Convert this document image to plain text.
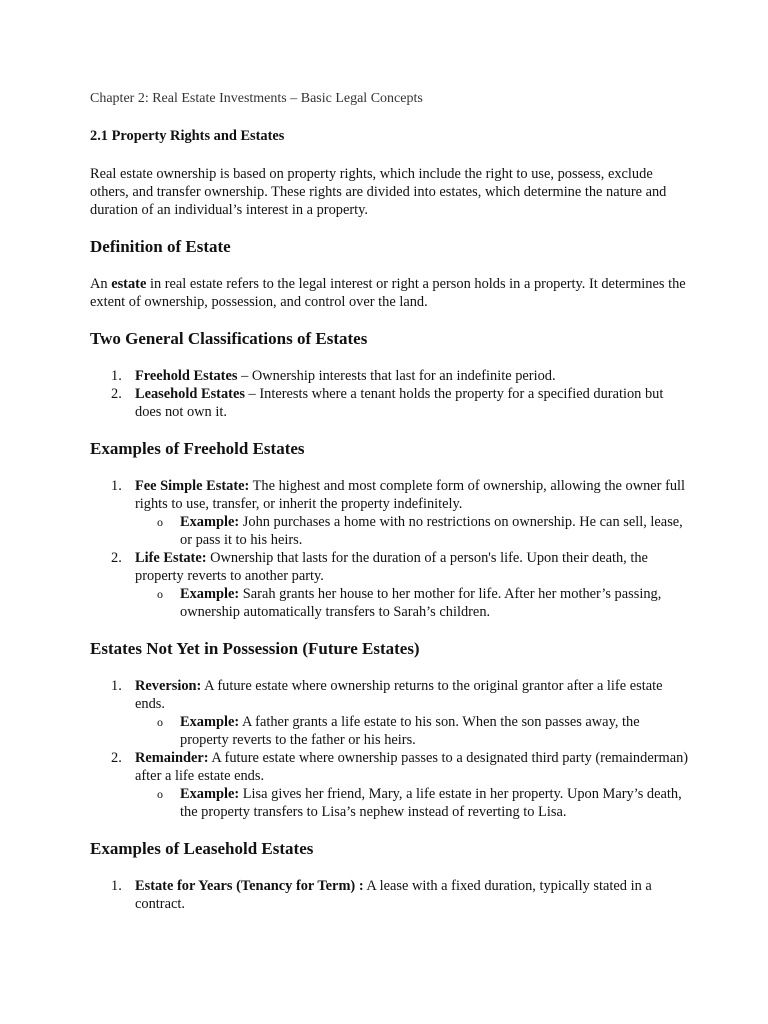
Chapter 2: Real Estate Investments – Basic Legal Concepts
2.1 Property Rights and Estates

Real estate ownership is based on property rights, which include the right to use, possess, exclude others, and transfer ownership. These rights are divided into estates, which determine the nature and duration of an individual’s interest in a property.

Definition of Estate

An estate in real estate refers to the legal interest or right a person holds in a property. It determines the extent of ownership, possession, and control over the land.

Two General Classifications of Estates
1. Freehold Estates – Ownership interests that last for an indefinite period.
2. Leasehold Estates – Interests where a tenant holds the property for a specified duration but does not own it.
Examples of Freehold Estates
1. Fee Simple Estate: The highest and most complete form of ownership, allowing the owner full rights to use, transfer, or inherit the property indefinitely.
o Example: John purchases a home with no restrictions on ownership. He can sell, lease, or pass it to his heirs.
2. Life Estate: Ownership that lasts for the duration of a person's life. Upon their death, the property reverts to another party.
o Example: Sarah grants her house to her mother for life. After her mother’s passing, ownership automatically transfers to Sarah’s children.
Estates Not Yet in Possession (Future Estates)
1. Reversion: A future estate where ownership returns to the original grantor after a life estate ends.
o Example: A father grants a life estate to his son. When the son passes away, the property reverts to the father or his heirs.
2. Remainder: A future estate where ownership passes to a designated third party (remainderman) after a life estate ends.
o Example: Lisa gives her friend, Mary, a life estate in her property. Upon Mary’s death, the property transfers to Lisa’s nephew instead of reverting to Lisa.
Examples of Leasehold Estates
1. Estate for Years (Tenancy for Term) : A lease with a fixed duration, typically stated in a contract.
